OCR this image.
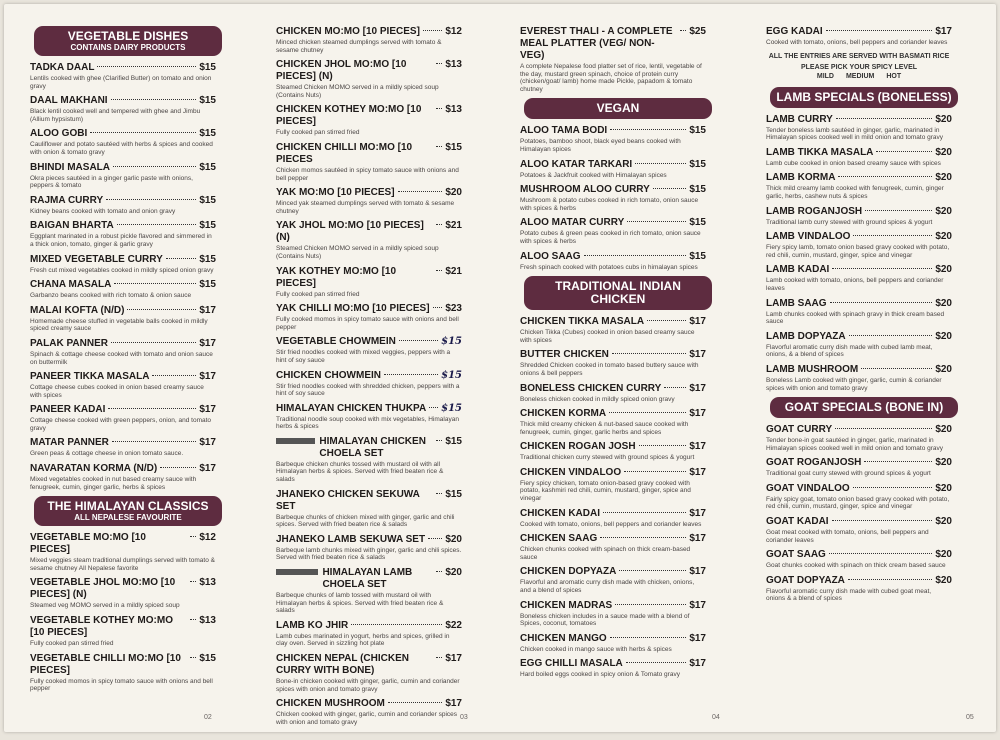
VEGETABLE DISHES
CONTAINS DAIRY PRODUCTS
TADKA DAAL	$15
Lentils cooked with ghee (Clarified Butter) on tomato and onion gravy
DAAL MAKHANI	$15
Black lentil cooked well and tempered with ghee and Jimbu (Allium hypsistum)
ALOO GOBI	$15
Cauliflower and potato sautéed with herbs & spices and cooked with onion & tomato gravy
BHINDI MASALA	$15
Okra pieces sautéed in a ginger garlic paste with onions, peppers & tomato
RAJMA CURRY	$15
Kidney beans cooked with tomato and onion gravy
BAIGAN BHARTA	$15
Eggplant marinated in a robust pickle flavored and simmered in a thick onion, tomato, ginger & garlic gravy
MIXED VEGETABLE CURRY	$15
Fresh cut mixed vegetables cooked in mildly spiced onion gravy
CHANA MASALA	$15
Garbanzo beans cooked with rich tomato & onion sauce
MALAI KOFTA (N/D)	$17
Homemade cheese stuffed in vegetable balls cooked in mildly spiced creamy sauce
PALAK PANNER	$17
Spinach & cottage cheese cooked with tomato and onion sauce on buttermilk
PANEER TIKKA MASALA	$17
Cottage cheese cubes cooked in onion based creamy sauce with spices
PANEER KADAI	$17
Cottage cheese cooked with green peppers, onion, and tomato gravy
MATAR PANNER	$17
Green peas & cottage cheese in onion tomato sauce.
NAVARATAN KORMA (N/D)	$17
Mixed vegetables cooked in nut based creamy sauce with fenugreek, cumin, ginger garlic, herbs & spices
THE HIMALAYAN CLASSICS
ALL NEPALESE FAVOURITE
VEGETABLE MO:MO [10 PIECES]
$12
Mixed veggies steam traditional dumplings served with tomato & sesame chutney All Nepalese favorite
VEGETABLE JHOL MO:MO [10 PIECES] (N)
$13
Steamed veg MOMO served in a mildly spiced soup
VEGETABLE KOTHEY MO:MO [10 PIECES]
$13
Fully cooked pan stirred fried
VEGETABLE CHILLI MO:MO [10 PIECES]
$15
Fully cooked momos in spicy tomato sauce with onions and bell pepper
CHICKEN MO:MO [10 PIECES]	$12
Minced chicken steamed dumplings served with tomato & sesame chutney
CHICKEN JHOL MO:MO [10 PIECES] (N)
$13
Steamed Chicken MOMO served in a mildly spiced soup (Contains Nuts)
CHICKEN KOTHEY MO:MO [10 PIECES]
$13
Fully cooked pan stirred fried
CHICKEN CHILLI MO:MO [10 PIECES
$15
Chicken momos sautéed in spicy tomato sauce with onions and bell pepper
YAK MO:MO [10 PIECES]	$20
Minced yak steamed dumplings served with tomato & sesame chutney
YAK JHOL MO:MO [10 PIECES] (N)
$21
Steamed Chicken MOMO served in a mildly spiced soup (Contains Nuts)
YAK KOTHEY MO:MO [10 PIECES]
$21
Fully cooked pan stirred fried
YAK CHILLI MO:MO [10 PIECES] $23
Fully cooked momos in spicy tomato sauce with onions and bell pepper
VEGETABLE CHOWMEIN	$15
Stir fried noodles cooked with mixed veggies, peppers with a hint of soy sauce
CHICKEN CHOWMEIN	$15
Stir fried noodles cooked with shredded chicken, peppers with a hint of soy sauce
HIMALAYAN CHICKEN THUKPA $15
Traditional noodle soup cooked with mix vegetables, Himalayan herbs & spices
HIMALAYAN CHICKEN CHOELA SET
$15
Barbeque chicken chunks tossed with mustard oil with all Himalayan herbs & spices. Served with fried beaten rice & salads
JHANEKO CHICKEN SEKUWA SET
$15
Barbeque chunks of chicken mixed with ginger, garlic and chili spices. Served with fried beaten rice & salads
JHANEKO LAMB SEKUWA SET $20
Barbeque lamb chunks mixed with ginger, garlic and chili spices. Served with fried beaten rice & salads
HIMALAYAN LAMB CHOELA SET
$20
Barbeque chunks of lamb tossed with mustard oil with Himalayan herbs & spices. Served with fried beaten rice & salads
LAMB KO JHIR	$22
Lamb cubes marinated in yogurt, herbs and spices, grilled in clay oven. Served in sizzling hot plate
CHICKEN NEPAL (CHICKEN CURRY WITH BONE)
$17
Bone-in chicken cooked with ginger, garlic, cumin and coriander spices with onion and tomato gravy
CHICKEN MUSHROOM	$17
Chicken cooked with ginger, garlic, cumin and coriander spices with onion and tomato gravy
EVEREST THALI - A COMPLETE MEAL PLATTER (VEG/ NON-VEG)
$25
A complete Nepalese food platter set of rice, lentil, vegetable of the day, mustard green spinach, choice of protein curry (chicken/goat/ lamb) home made Pickle, papadom & tomato chutney
VEGAN
ALOO TAMA BODI	$15
Potatoes, bamboo shoot, black eyed beans cooked with Himalayan spices
ALOO KATAR TARKARI	$15
Potatoes & Jackfruit cooked with Himalayan spices
MUSHROOM ALOO CURRY	$15
Mushroom & potato cubes cooked in rich tomato, onion sauce with spices & herbs
ALOO MATAR CURRY	$15
Potato cubes & green peas cooked in rich tomato, onion sauce with spices & herbs
ALOO SAAG	$15
Fresh spinach cooked with potatoes cubs in himalayan spices
TRADITIONAL INDIAN CHICKEN
CHICKEN TIKKA MASALA	$17
Chicken Tikka (Cubes) cooked in onion based creamy sauce with spices
BUTTER CHICKEN	$17
Shredded Chicken cooked in tomato based buttery sauce with onions & bell peppers
BONELESS CHICKEN CURRY	$17
Boneless chicken cooked in mildly spiced onion gravy
CHICKEN KORMA	$17
Thick mild creamy chicken & nut-based sauce cooked with fenugreek, cumin, ginger, garlic herbs and spices
CHICKEN ROGAN JOSH	$17
Traditional chicken curry stewed with ground spices & yogurt
CHICKEN VINDALOO	$17
Fiery spicy chicken, tomato onion-based gravy cooked with potato, kashmiri red chili, cumin, mustard, ginger, spice and vinegar
CHICKEN KADAI	$17
Cooked with tomato, onions, bell peppers and coriander leaves
CHICKEN SAAG	$17
Chicken chunks cooked with spinach on thick cream-based sauce
CHICKEN DOPYAZA	$17
Flavorful and aromatic curry dish made with chicken, onions, and a blend of spices
CHICKEN MADRAS	$17
Boneless chicken includes in a sauce made with a blend of Spices, coconut, tomatoes
CHICKEN MANGO	$17
Chicken cooked in mango sauce with herbs & spices
EGG CHILLI MASALA	$17
Hard boiled eggs cooked in spicy onion & Tomato gravy
EGG KADAI	$17
Cooked with tomato, onions, bell peppers and coriander leaves
ALL THE ENTRIES ARE SERVED WITH BASMATI RICE
PLEASE PICK YOUR SPICY LEVEL
MILD MEDIUM HOT
LAMB SPECIALS (BONELESS)
LAMB CURRY	$20
Tender boneless lamb sautéed in ginger, garlic, marinated in Himalayan spices cooked well in mild onion and tomato gravy
LAMB TIKKA MASALA	$20
Lamb cube cooked in onion based creamy sauce with spices
LAMB KORMA	$20
Thick mild creamy lamb cooked with fenugreek, cumin, ginger garlic, herbs, cashew nuts & spices
LAMB ROGANJOSH	$20
Traditional lamb curry stewed with ground spices & yogurt
LAMB VINDALOO	$20
Fiery spicy lamb, tomato onion based gravy cooked with potato, red chili, cumin, mustard, ginger, spice and vinegar
LAMB KADAI	$20
Lamb cooked with tomato, onions, bell peppers and coriander leaves
LAMB SAAG	$20
Lamb chunks cooked with spinach gravy in thick cream based sauce
LAMB DOPYAZA	$20
Flavorful aromatic curry dish made with cubed lamb meat, onions, & a blend of spices
LAMB MUSHROOM	$20
Boneless Lamb cooked with ginger, garlic, cumin & coriander spices with onion and tomato gravy
GOAT SPECIALS (BONE IN)
GOAT CURRY	$20
Tender bone-in goat sautéed in ginger, garlic, marinated in Himalayan spices cooked well in mild onion and tomato gravy
GOAT ROGANJOSH	$20
Traditional goat curry stewed with ground spices & yogurt
GOAT VINDALOO	$20
Fairly spicy goat, tomato onion based gravy cooked with potato, red chili, cumin, mustard, ginger, spice and vinegar
GOAT KADAI	$20
Goat meat cooked with tomato, onions, bell peppers and coriander leaves
GOAT SAAG	$20
Goat chunks cooked with spinach on thick cream based sauce
GOAT DOPYAZA	$20
Flavorful aromatic curry dish made with cubed goat meat, onions & a blend of spices
02	03	04	05
